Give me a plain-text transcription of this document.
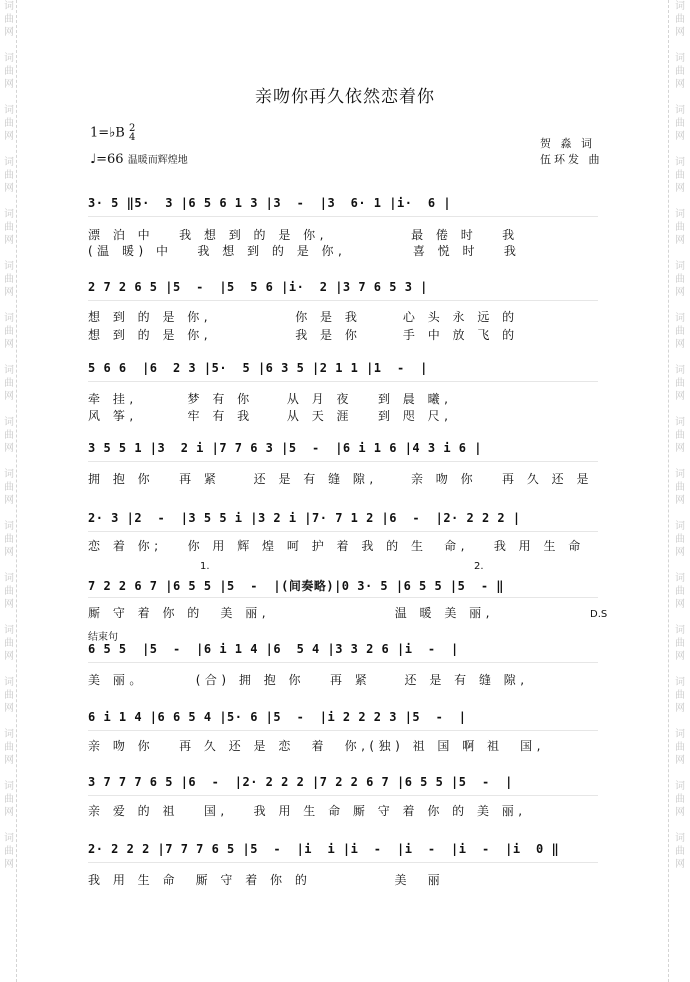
词曲网

词曲网

词曲网

词曲网

词曲网

词曲网

词曲网

词曲网

词曲网

词曲网

词曲网

词曲网

词曲网

词曲网

词曲网

词曲网

词曲网
词曲网

词曲网

词曲网

词曲网

词曲网

词曲网

词曲网

词曲网

词曲网

词曲网

词曲网

词曲网

词曲网

词曲网

词曲网

词曲网

词曲网
亲吻你再久依然恋着你
1=♭B 2
4
♩=66 温暖而辉煌地
贺 淼 词
伍环发 曲
3· 5 ‖5·  3 |6 5 6 1 3 |3  -  |3  6· 1 |i·  6 |
漂 泊 中   我 想 到 的 是 你,          最 倦 时   我
(温 暖) 中   我 想 到 的 是 你,        喜 悦 时   我
2 7 2 6 5 |5  -  |5  5 6 |i·  2 |3 7 6 5 3 |
想 到 的 是 你,          你 是 我     心 头 永 远 的
想 到 的 是 你,          我 是 你     手 中 放 飞 的
5 6 6  |6  2 3 |5·  5 |6 3 5 |2 1 1 |1  -  |
牵 挂,      梦 有 你    从 月 夜   到 晨 曦,
风 筝,      牢 有 我    从 天 涯   到 咫 尺,
3 5 5 1 |3  2 i |7 7 6 3 |5  -  |6 i 1 6 |4 3 i 6 |
拥 抱 你   再 紧    还 是 有 缝 隙,    亲 吻 你   再 久 还 是
2· 3 |2  -  |3 5 5 i |3 2 i |7· 7 1 2 |6  -  |2· 2 2 2 |
恋 着 你;   你 用 辉 煌 呵 护 着 我 的 生  命,   我 用 生 命
7 2 2 6 7 |6 5 5 |5  -  |(间奏略)|0 3· 5 |6 5 5 |5  - ‖
厮 守 着 你 的  美 丽,               温 暖 美 丽,
1.	2.
D.S
6 5 5  |5  -  |6 i 1 4 |6  5 4 |3 3 2 6 |i  -  |
美 丽。      (合) 拥 抱 你   再 紧    还 是 有 缝 隙,
结束句
6 i 1 4 |6 6 5 4 |5· 6 |5  -  |i 2 2 2 3 |5  -  |
亲 吻 你   再 久 还 是 恋  着  你,(独) 祖 国 啊 祖  国,
3 7 7 7 6 5 |6  -  |2· 2 2 2 |7 2 2 6 7 |6 5 5 |5  -  |
亲 爱 的 祖   国,   我 用 生 命 厮 守 着 你 的 美 丽,
2· 2 2 2 |7 7 7 6 5 |5  -  |i  i |i  -  |i  -  |i  -  |i  0 ‖
我 用 生 命  厮 守 着 你 的          美  丽
